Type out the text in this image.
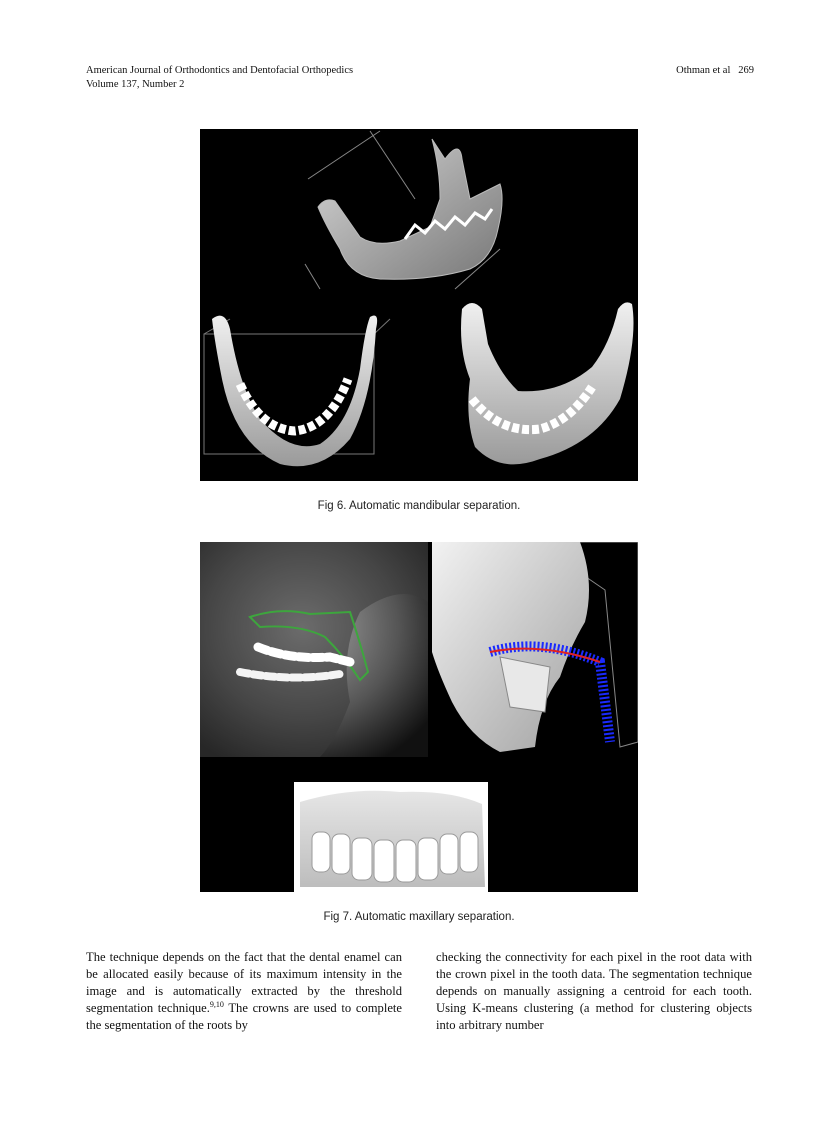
American Journal of Orthodontics and Dentofacial Orthopedics
Volume 137, Number 2
Othman et al 269
Fig 6. Automatic mandibular separation.
Fig 7. Automatic maxillary separation.
The technique depends on the fact that the dental enamel can be allocated easily because of its maximum intensity in the image and is automatically extracted by the threshold segmentation technique.$^{9,10}$ The crowns are used to complete the segmentation of the roots by
checking the connectivity for each pixel in the root data with the crown pixel in the tooth data. The segmentation technique depends on manually assigning a centroid for each tooth. Using K-means clustering (a method for clustering objects into arbitrary number
